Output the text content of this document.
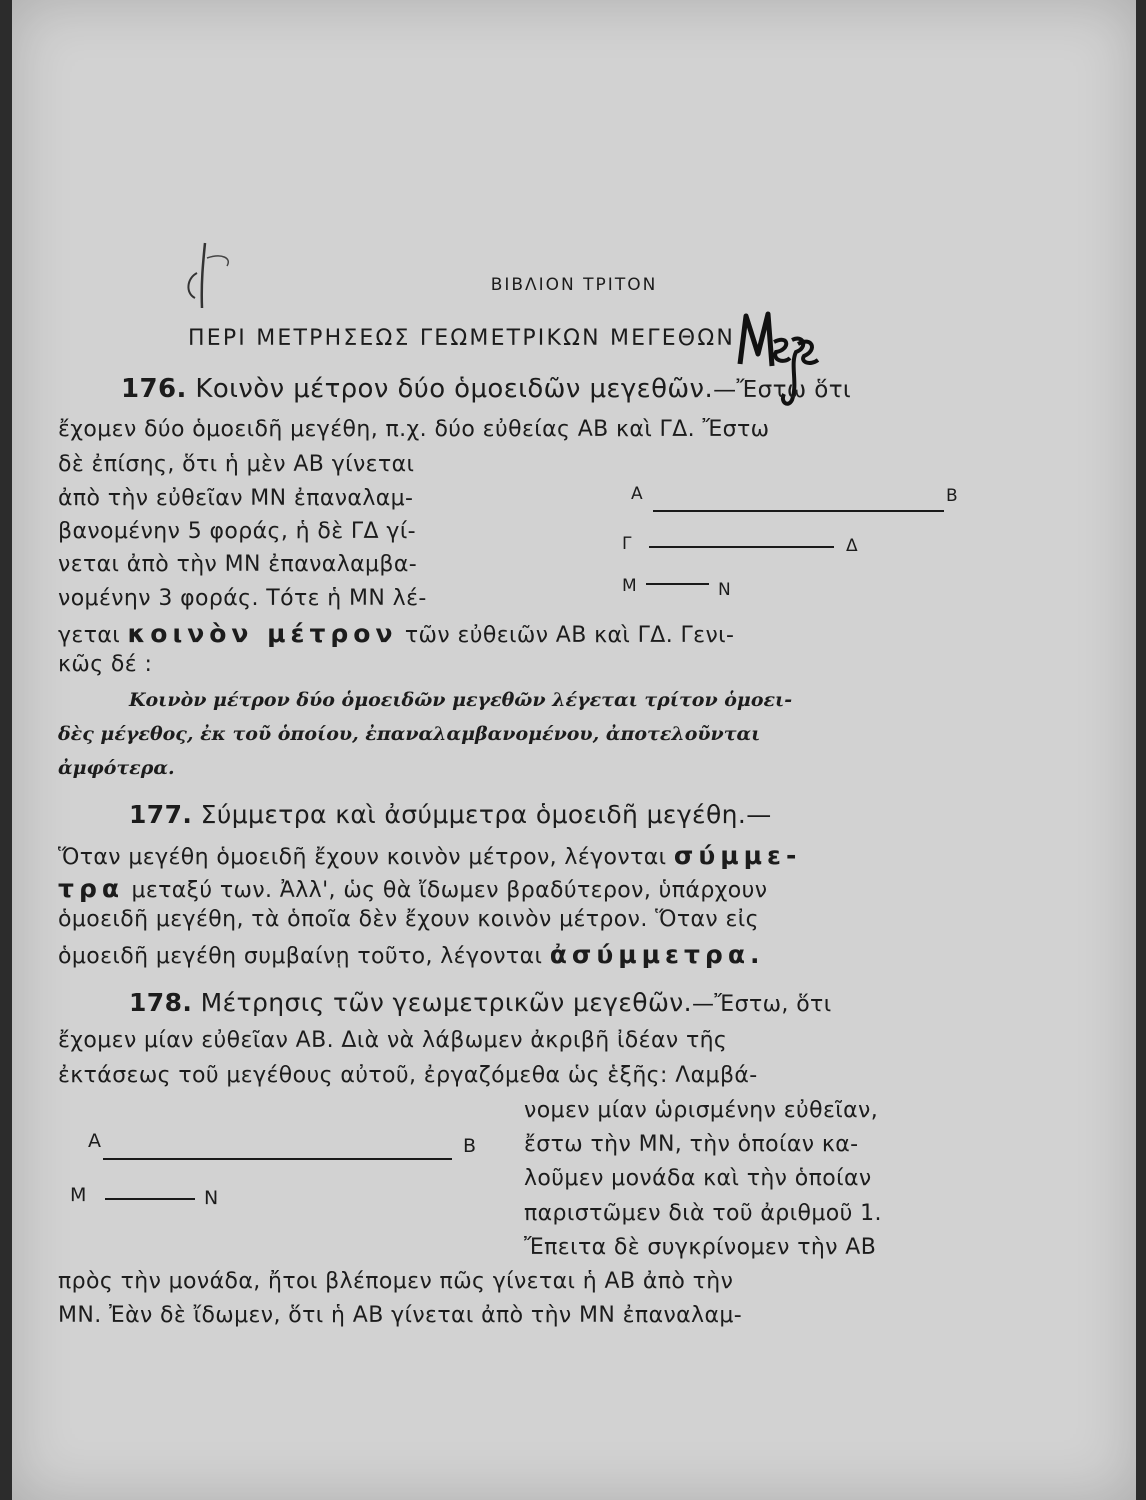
ΒΙΒΛΙΟΝ ΤΡΙΤΟΝ
ΠΕΡΙ ΜΕΤΡΗΣΕΩΣ ΓΕΩΜΕΤΡΙΚΩΝ ΜΕΓΕΘΩΝ
176. Κοινὸν μέτρον δύο ὁμοειδῶν μεγεθῶν.—Ἔστω ὅτι
ἔχομεν δύο ὁμοειδῆ μεγέθη, π.χ. δύο εὐθείας ΑΒ καὶ ΓΔ. Ἔστω
δὲ ἐπίσης, ὅτι ἡ μὲν ΑΒ γίνεται
ἀπὸ τὴν εὐθεῖαν ΜΝ ἐπαναλαμ-
βανομένην 5 φοράς, ἡ δὲ ΓΔ γί-
νεται ἀπὸ τὴν ΜΝ ἐπαναλαμβα-
νομένην 3 φοράς. Τότε ἡ ΜΝ λέ-
γεται κοινὸν μέτρον τῶν εὐθειῶν ΑΒ καὶ ΓΔ. Γενι-
κῶς δέ :
Κοινὸν μέτρον δύο ὁμοειδῶν μεγεθῶν λέγεται τρίτον ὁμοει-
δὲς μέγεθος, ἐκ τοῦ ὁποίου, ἐπαναλαμβανομένου, ἀποτελοῦνται
ἀμφότερα.
A	B
Γ	Δ
Μ	Ν
177. Σύμμετρα καὶ ἀσύμμετρα ὁμοειδῆ μεγέθη.—
Ὅταν μεγέθη ὁμοειδῆ ἔχουν κοινὸν μέτρον, λέγονται σύμμε-
τρα μεταξύ των. Ἀλλ', ὡς θὰ ἴδωμεν βραδύτερον, ὑπάρχουν
ὁμοειδῆ μεγέθη, τὰ ὁποῖα δὲν ἔχουν κοινὸν μέτρον. Ὅταν εἰς
ὁμοειδῆ μεγέθη συμβαίνῃ τοῦτο, λέγονται ἀσύμμετρα.
178. Μέτρησις τῶν γεωμετρικῶν μεγεθῶν.—Ἔστω, ὅτι
ἔχομεν μίαν εὐθεῖαν ΑΒ. Διὰ νὰ λάβωμεν ἀκριβῆ ἰδέαν τῆς
ἐκτάσεως τοῦ μεγέθους αὐτοῦ, ἐργαζόμεθα ὡς ἑξῆς: Λαμβά-
νομεν μίαν ὡρισμένην εὐθεῖαν,
ἔστω τὴν ΜΝ, τὴν ὁποίαν κα-
λοῦμεν μονάδα καὶ τὴν ὁποίαν
παριστῶμεν διὰ τοῦ ἀριθμοῦ 1.
Ἔπειτα δὲ συγκρίνομεν τὴν ΑΒ
πρὸς τὴν μονάδα, ἤτοι βλέπομεν πῶς γίνεται ἡ ΑΒ ἀπὸ τὴν
ΜΝ. Ἐὰν δὲ ἴδωμεν, ὅτι ἡ ΑΒ γίνεται ἀπὸ τὴν ΜΝ ἐπαναλαμ-
A	B
Μ	Ν
